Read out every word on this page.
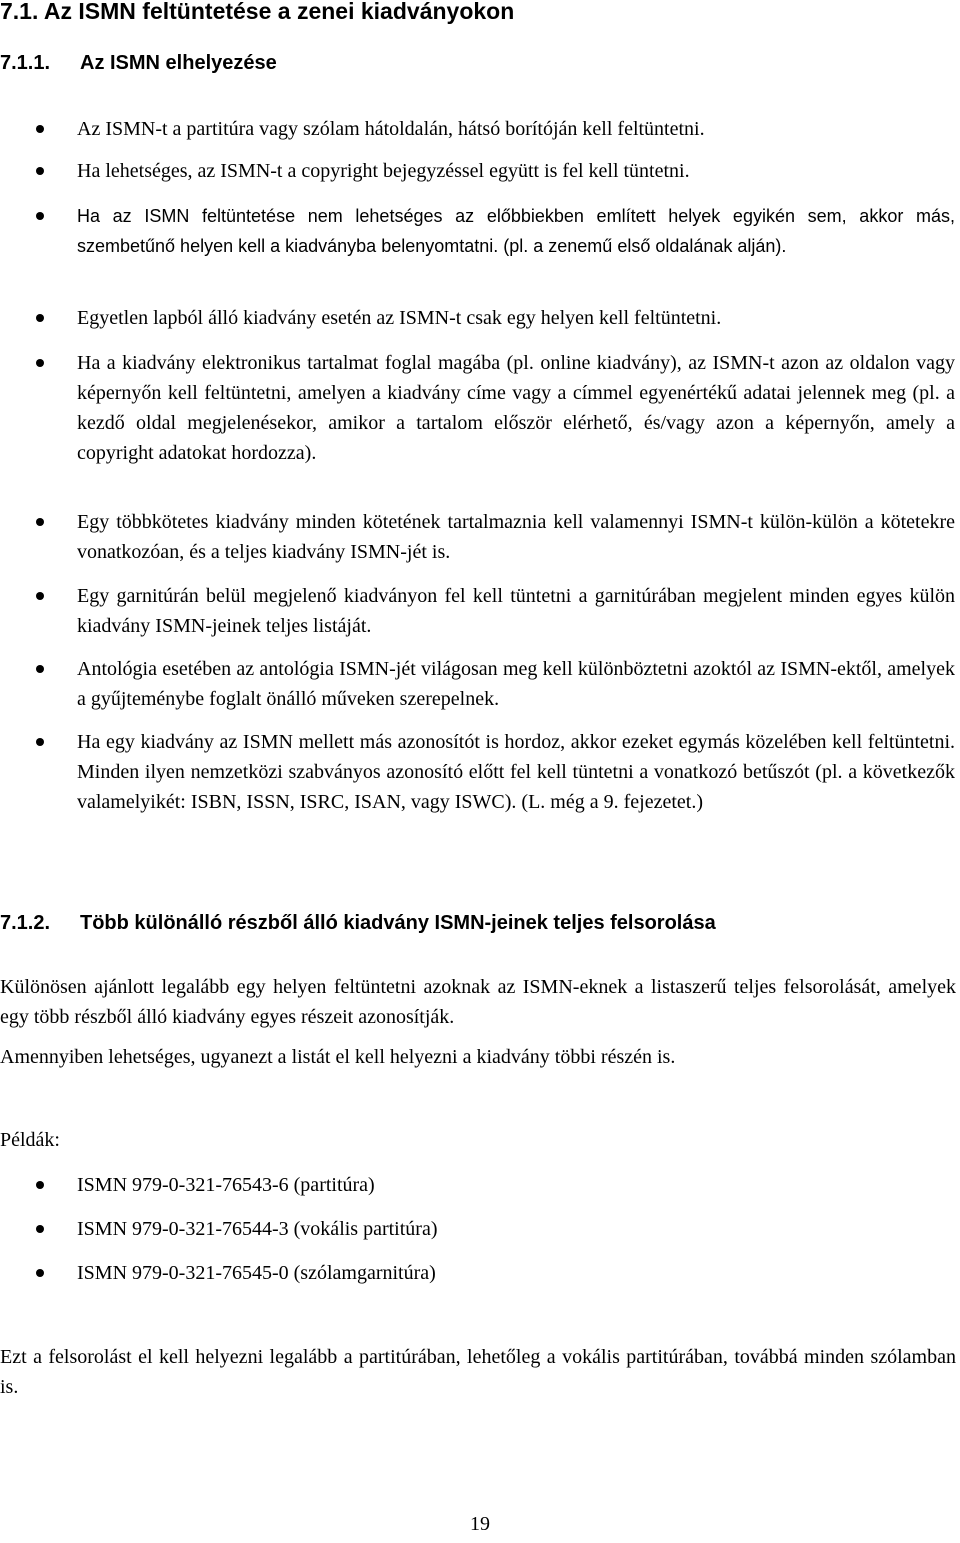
7.1. Az ISMN feltüntetése a zenei kiadványokon
7.1.1. Az ISMN elhelyezése
Az ISMN-t a partitúra vagy szólam hátoldalán, hátsó borítóján kell feltüntetni.
Ha lehetséges, az ISMN-t a copyright bejegyzéssel együtt is fel kell tüntetni.
Ha az ISMN feltüntetése nem lehetséges az előbbiekben említett helyek egyikén sem, akkor más, szembetűnő helyen kell a kiadványba belenyomtatni. (pl. a zenemű első oldalának alján).
Egyetlen lapból álló kiadvány esetén az ISMN-t csak egy helyen kell feltüntetni.
Ha a kiadvány elektronikus tartalmat foglal magába (pl. online kiadvány), az ISMN-t azon az oldalon vagy képernyőn kell feltüntetni, amelyen a kiadvány címe vagy a címmel egyenértékű adatai jelennek meg (pl. a kezdő oldal megjelenésekor, amikor a tartalom először elérhető, és/vagy azon a képernyőn, amely a copyright adatokat hordozza).
Egy többkötetes kiadvány minden kötetének tartalmaznia kell valamennyi ISMN-t külön-külön a kötetekre vonatkozóan, és a teljes kiadvány ISMN-jét is.
Egy garnitúrán belül megjelenő kiadványon fel kell tüntetni a garnitúrában megjelent minden egyes külön kiadvány ISMN-jeinek teljes listáját.
Antológia esetében az antológia ISMN-jét világosan meg kell különböztetni azoktól az ISMN-ektől, amelyek a gyűjteménybe foglalt önálló műveken szerepelnek.
Ha egy kiadvány az ISMN mellett más azonosítót is hordoz, akkor ezeket egymás közelében kell feltüntetni. Minden ilyen nemzetközi szabványos azonosító előtt fel kell tüntetni a vonatkozó betűszót (pl. a következők valamelyikét: ISBN, ISSN, ISRC, ISAN, vagy ISWC). (L. még a 9. fejezetet.)
7.1.2. Több különálló részből álló kiadvány ISMN-jeinek teljes felsorolása
Különösen ajánlott legalább egy helyen feltüntetni azoknak az ISMN-eknek a listaszerű teljes felsorolását, amelyek egy több részből álló kiadvány egyes részeit azonosítják.
Amennyiben lehetséges, ugyanezt a listát el kell helyezni a kiadvány többi részén is.
Példák:
ISMN 979-0-321-76543-6 (partitúra)
ISMN 979-0-321-76544-3 (vokális partitúra)
ISMN 979-0-321-76545-0 (szólamgarnitúra)
Ezt a felsorolást el kell helyezni legalább a partitúrában, lehetőleg a vokális partitúrában, továbbá minden szólamban is.
19
